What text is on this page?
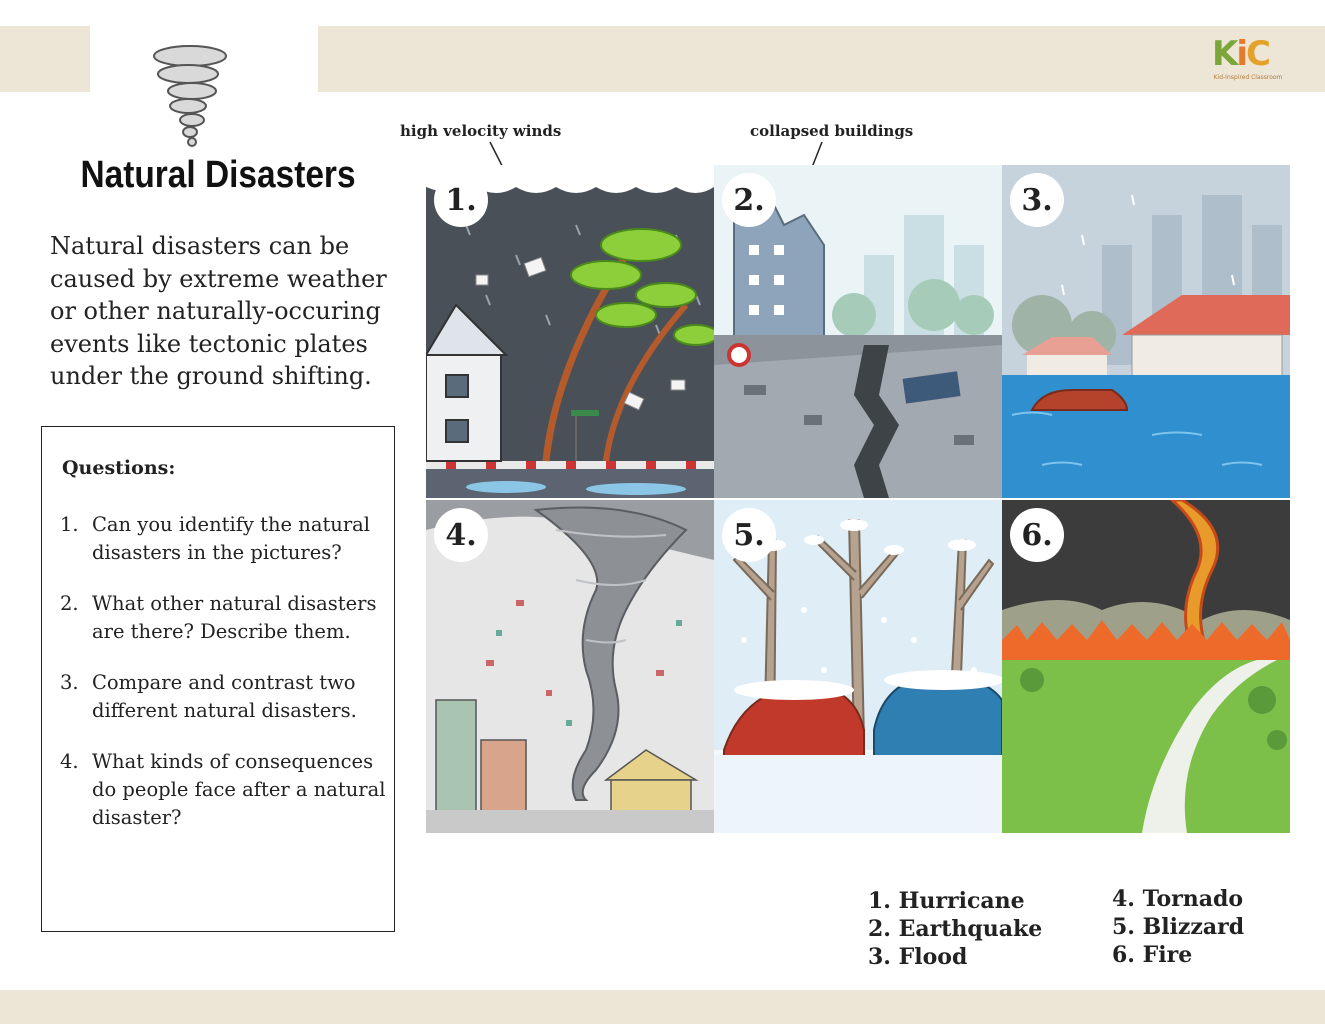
KiC
Kid-Inspired Classroom
Natural Disasters

Natural disasters can be caused by extreme weather or other naturally-occuring events like tectonic plates under the ground shifting.

Questions:

1. Can you identify the natural disasters in the pictures?
2. What other natural disasters are there? Describe them.
3. Compare and contrast two different natural disasters.
4. What kinds of consequences do people face after a natural disaster?
high velocity winds	collapsed buildings
1.	2.	3.
4.	5.	6.
1. Hurricane
2. Earthquake
3. Flood
4. Tornado
5. Blizzard
6. Fire
